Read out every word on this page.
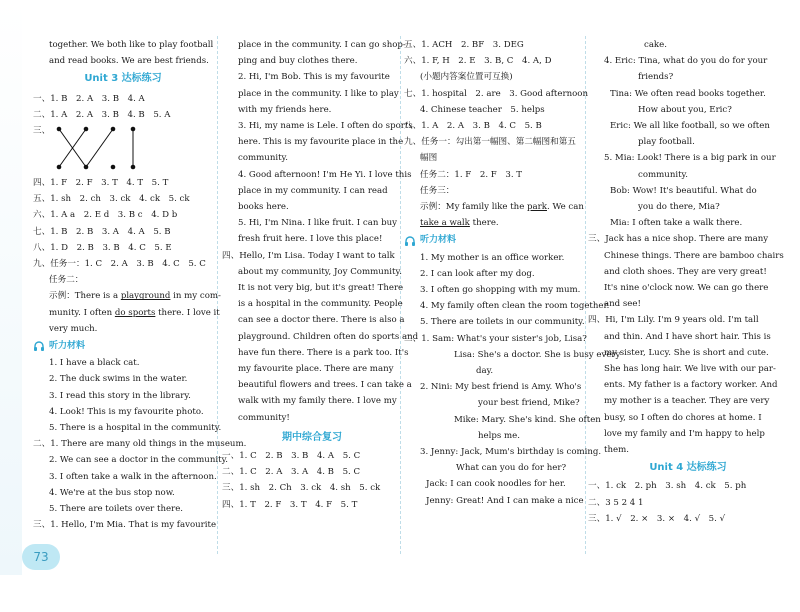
73
together. We both like to play football
and read books. We are best friends.
Unit 3 达标练习
一、1. B　2. A　3. B　4. A
二、1. A　2. A　3. B　4. B　5. A
三、
四、1. F　2. F　3. T　4. T　5. T
五、1. sh　2. ch　3. ck　4. ck　5. ck
六、1. A a　2. E d　3. B c　4. D b
七、1. B　2. B　3. A　4. A　5. B
八、1. D　2. B　3. B　4. C　5. E
九、任务一：1. C　2. A　3. B　4. C　5. C
任务二：
示例：There is a playground in my com-
munity. I often do sports there. I love it
very much.
听力材料
1. I have a black cat.
2. The duck swims in the water.
3. I read this story in the library.
4. Look! This is my favourite photo.
5. There is a hospital in the community.
二、1. There are many old things in the museum.
2. We can see a doctor in the community.
3. I often take a walk in the afternoon.
4. We're at the bus stop now.
5. There are toilets over there.
三、1. Hello, I'm Mia. That is my favourite
place in the community. I can go shop-
ping and buy clothes there.
2. Hi, I'm Bob. This is my favourite
place in the community. I like to play
with my friends here.
3. Hi, my name is Lele. I often do sports
here. This is my favourite place in the
community.
4. Good afternoon! I'm He Yi. I love this
place in my community. I can read
books here.
5. Hi, I'm Nina. I like fruit. I can buy
fresh fruit here. I love this place!
四、Hello, I'm Lisa. Today I want to talk
about my community, Joy Community.
It is not very big, but it's great! There
is a hospital in the community. People
can see a doctor there. There is also a
playground. Children often do sports and
have fun there. There is a park too. It's
my favourite place. There are many
beautiful flowers and trees. I can take a
walk with my family there. I love my
community!
期中综合复习
一、1. C　2. B　3. B　4. A　5. C
二、1. C　2. A　3. A　4. B　5. C
三、1. sh　2. Ch　3. ck　4. sh　5. ck
四、1. T　2. F　3. T　4. F　5. T
五、1. ACH　2. BF　3. DEG
六、1. F, H　2. E　3. B, C　4. A, D
(小题内答案位置可互换)
七、1. hospital　2. are　3. Good afternoon
4. Chinese teacher　5. helps
八、1. A　2. A　3. B　4. C　5. B
九、任务一：勾出第一幅图、第二幅图和第五
幅图
任务二：1. F　2. F　3. T
任务三：
示例：My family like the park. We can
take a walk there.
听力材料
1. My mother is an office worker.
2. I can look after my dog.
3. I often go shopping with my mum.
4. My family often clean the room together.
5. There are toilets in our community.
二、1. Sam: What's your sister's job, Lisa?
Lisa: She's a doctor. She is busy every
day.
2. Nini: My best friend is Amy. Who's
your best friend, Mike?
Mike: Mary. She's kind. She often
helps me.
3. Jenny: Jack, Mum's birthday is coming.
What can you do for her?
Jack: I can cook noodles for her.
Jenny: Great! And I can make a nice
cake.
4. Eric: Tina, what do you do for your
friends?
Tina: We often read books together.
How about you, Eric?
Eric: We all like football, so we often
play football.
5. Mia: Look! There is a big park in our
community.
Bob: Wow! It's beautiful. What do
you do there, Mia?
Mia: I often take a walk there.
三、Jack has a nice shop. There are many
Chinese things. There are bamboo chairs
and cloth shoes. They are very great!
It's nine o'clock now. We can go there
and see!
四、Hi, I'm Lily. I'm 9 years old. I'm tall
and thin. And I have short hair. This is
my sister, Lucy. She is short and cute.
She has long hair. We live with our par-
ents. My father is a factory worker. And
my mother is a teacher. They are very
busy, so I often do chores at home. I
love my family and I'm happy to help
them.
Unit 4 达标练习
一、1. ck　2. ph　3. sh　4. ck　5. ph
二、3 5 2 4 1
三、1. √　2. ×　3. ×　4. √　5. √
